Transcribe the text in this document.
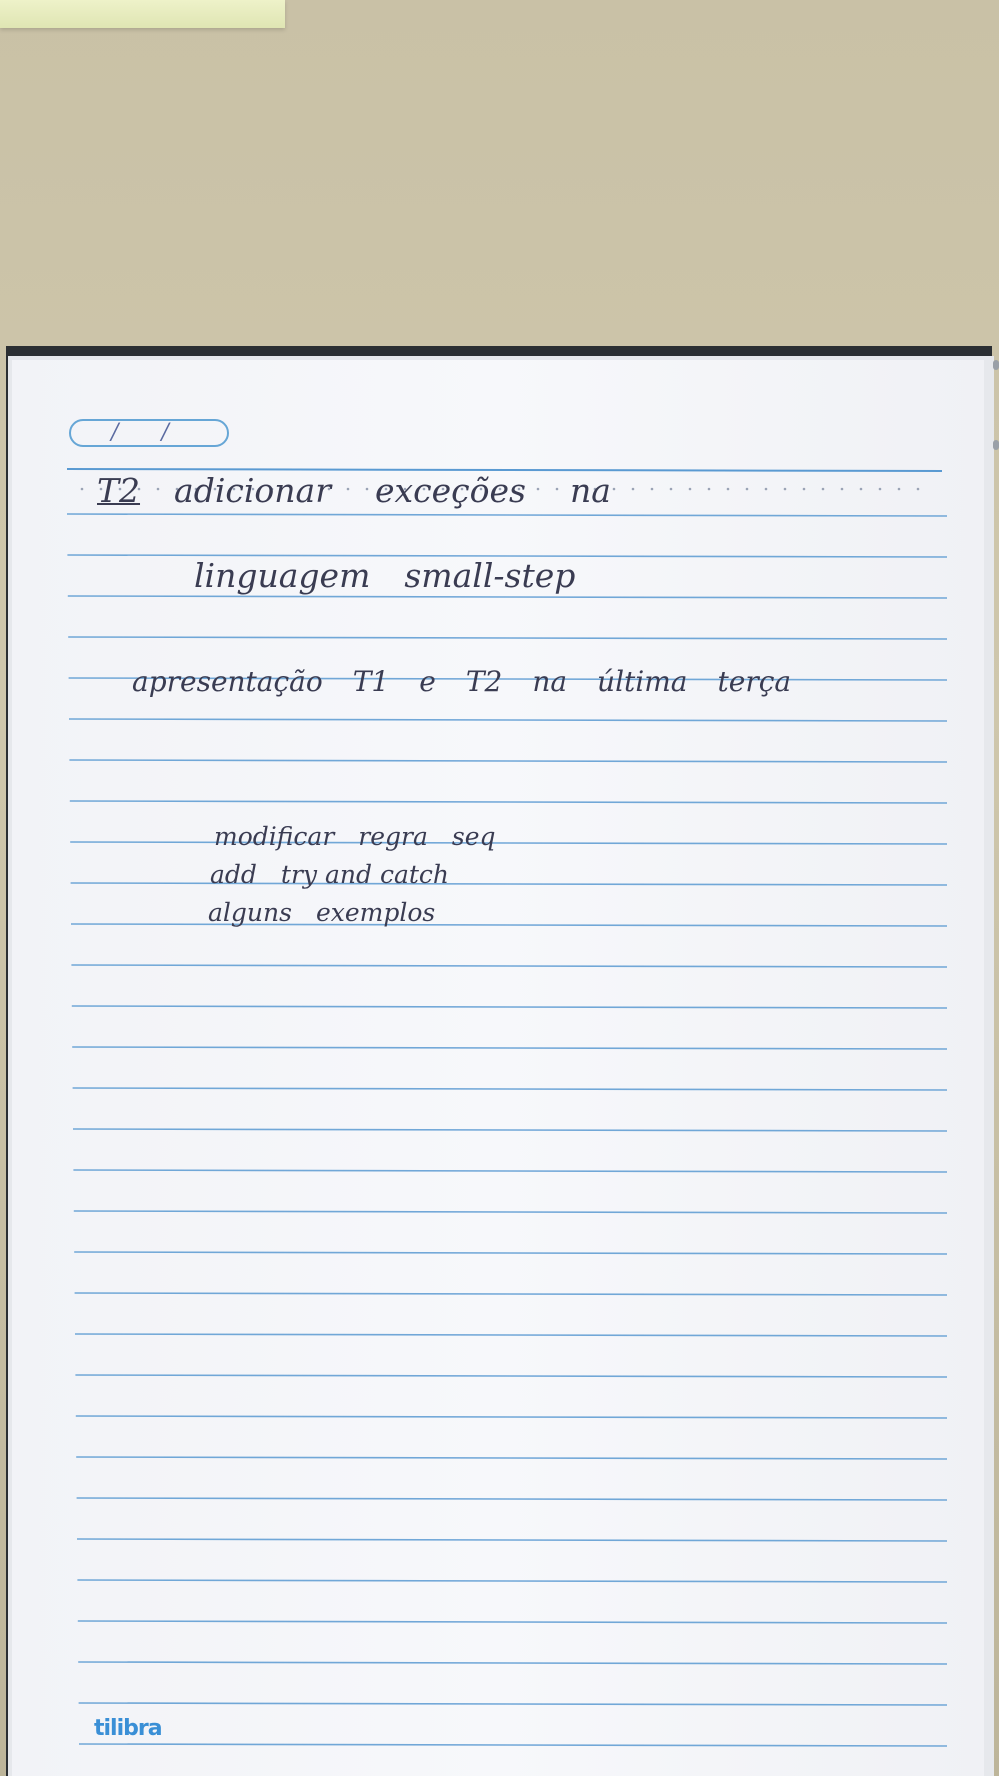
/ /
T2 adicionar exceções na
linguagem small-step
apresentação T1 e T2 na última terça
modificar regra seq
add try and catch
alguns exemplos
tilibra
